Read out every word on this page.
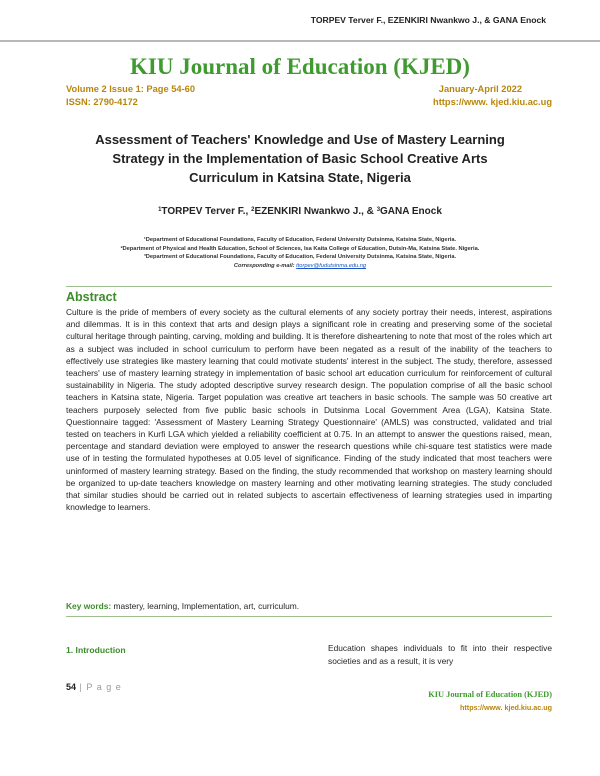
TORPEV Terver F., EZENKIRI Nwankwo J., & GANA Enock
KIU Journal of Education (KJED)
Volume 2 Issue 1: Page 54-60	January-April 2022
ISSN: 2790-4172	https://www. kjed.kiu.ac.ug
Assessment of Teachers' Knowledge and Use of Mastery Learning
Strategy in the Implementation of Basic School Creative Arts
Curriculum in Katsina State, Nigeria
$^1$TORPEV Terver F., $^2$EZENKIRI Nwankwo J., & $^3$GANA Enock
¹Department of Educational Foundations, Faculty of Education, Federal University Dutsinma, Katsina State, Nigeria.
²Department of Physical and Health Education, School of Sciences, Isa Kaita College of Education, Dutsin-Ma, Katsina State. Nigeria.
³Department of Educational Foundations, Faculty of Education, Federal University Dutsinma, Katsina State, Nigeria.
Corresponding e-mail: ttorpev@fudutsinma.edu.ng
Abstract
Culture is the pride of members of every society as the cultural elements of any society portray their needs, interest, aspirations and dilemmas. It is in this context that arts and design plays a significant role in creating and preserving some of the societal cultural heritage through painting, carving, molding and building. It is therefore disheartening to note that most of the roles which art as a subject was included in school curriculum to perform have been negated as a result of the inability of the teachers to effectively use strategies like mastery learning that could motivate students' interest in the subject. The study, therefore, assessed teachers' use of mastery learning strategy in implementation of basic school art education curriculum for reinforcement of cultural sustainability in Nigeria. The study adopted descriptive survey research design. The population comprise of all the basic school teachers in Katsina state, Nigeria. Target population was creative art teachers in basic schools. The sample was 50 creative art teachers purposely selected from five public basic schools in Dutsinma Local Government Area (LGA), Katsina State. Questionnaire tagged: 'Assessment of Mastery Learning Strategy Questionnaire' (AMLS) was constructed, validated and trial tested on teachers in Kurfi LGA which yielded a reliability coefficient at 0.75. In an attempt to answer the questions raised, mean, percentage and standard deviation were employed to answer the research questions while chi-square test statistics were made use of in testing the formulated hypotheses at 0.05 level of significance. Finding of the study indicated that most teachers were uninformed of mastery learning strategy. Based on the finding, the study recommended that workshop on mastery learning should be organized to up-date teachers knowledge on mastery learning and other motivating learning strategies. The study concluded that similar studies should be carried out in related subjects to ascertain effectiveness of learning strategies used in imparting knowledge to learners.
Key words: mastery, learning, Implementation, art, curriculum.
1. Introduction	Education shapes individuals to fit into their respective societies and as a result, it is very
54 | P a g e
KIU Journal of Education (KJED)
https://www. kjed.kiu.ac.ug
